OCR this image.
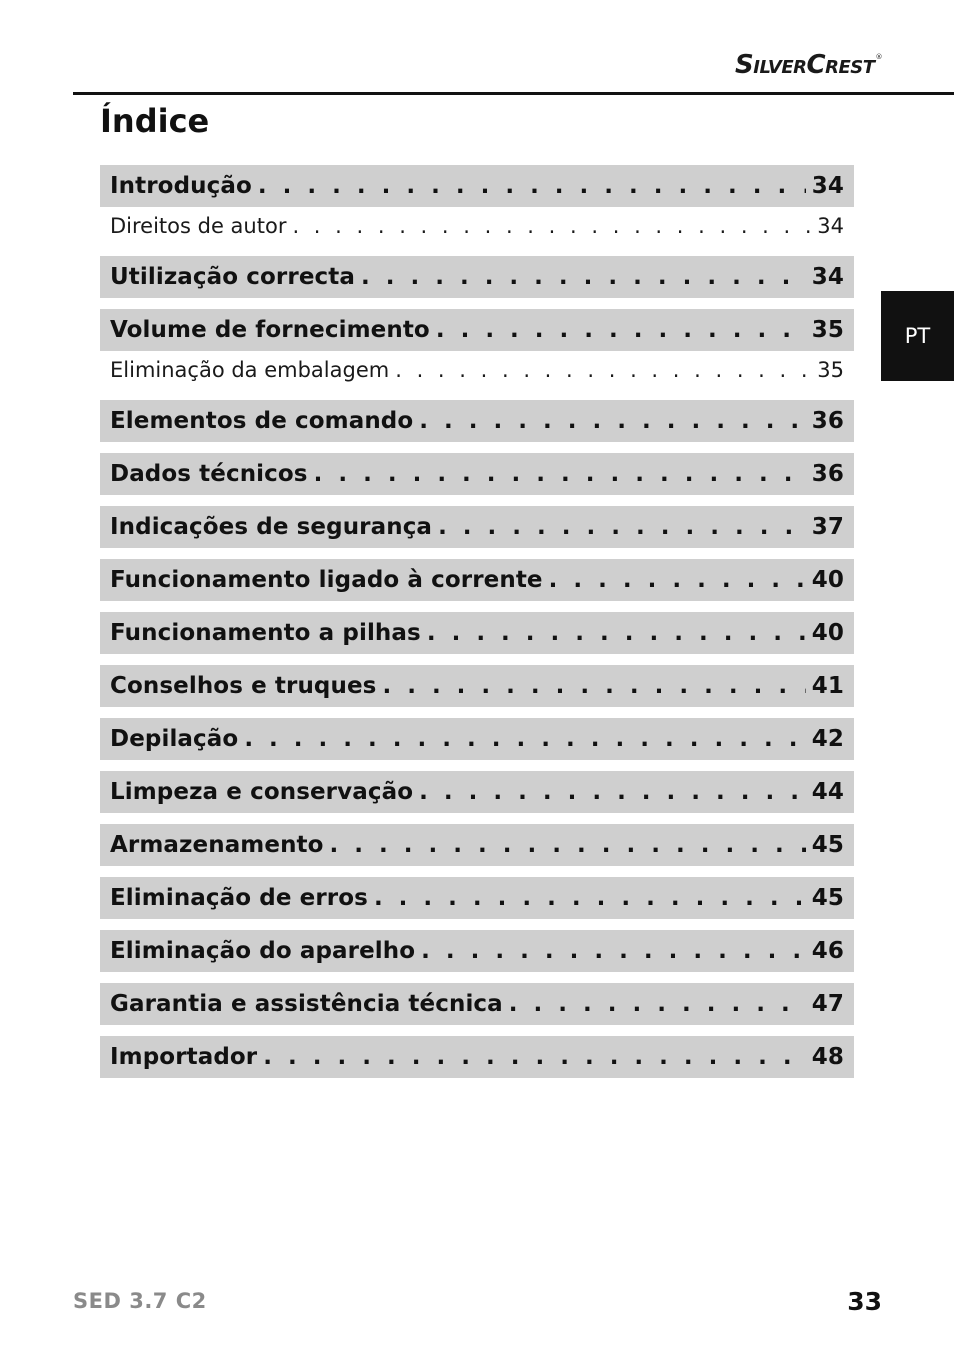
SilverCrest®
Índice
Introdução . . .	34
Direitos de autor . . .	34
Utilização correcta . . .	34
Volume de fornecimento . . .	35
Eliminação da embalagem . . .	35
Elementos de comando . . .	36
Dados técnicos . . .	36
Indicações de segurança . . .	37
Funcionamento ligado à corrente . . .	40
Funcionamento a pilhas . . .	40
Conselhos e truques . . .	41
Depilação . . .	42
Limpeza e conservação . . .	44
Armazenamento . . .	45
Eliminação de erros . . .	45
Eliminação do aparelho . . .	46
Garantia e assistência técnica . . .	47
Importador . . .	48
PT
SED 3.7 C2	33
